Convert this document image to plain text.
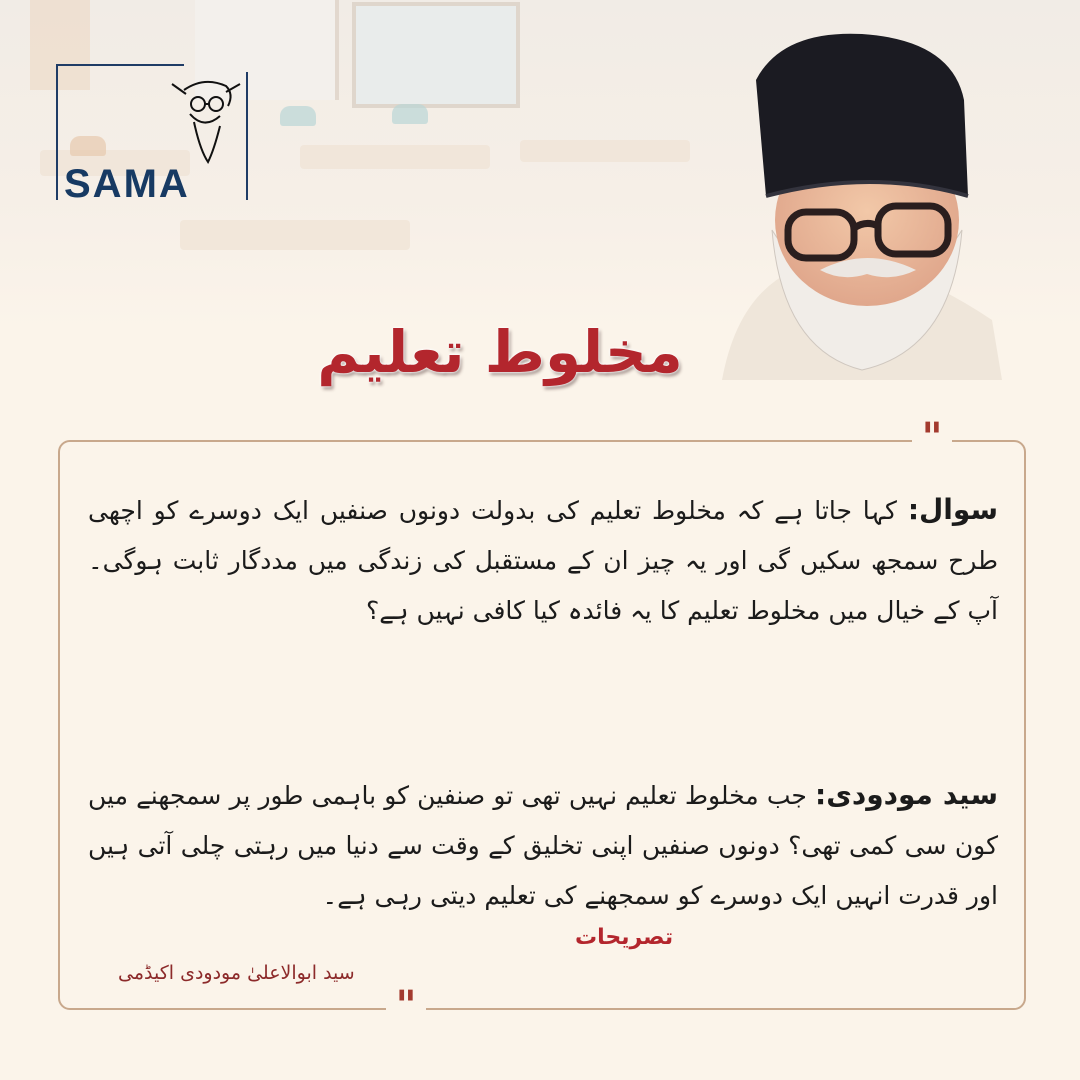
SAMA
مخلوط تعلیم
"
"
سوال: کہا جاتا ہے کہ مخلوط تعلیم کی بدولت دونوں صنفیں ایک دوسرے کو اچھی طرح سمجھ سکیں گی اور یہ چیز ان کے مستقبل کی زندگی میں مددگار ثابت ہوگی۔ آپ کے خیال میں مخلوط تعلیم کا یہ فائدہ کیا کافی نہیں ہے؟
سید مودودی: جب مخلوط تعلیم نہیں تھی تو صنفین کو باہمی طور پر سمجھنے میں کون سی کمی تھی؟ دونوں صنفیں اپنی تخلیق کے وقت سے دنیا میں رہتی چلی آتی ہیں اور قدرت انہیں ایک دوسرے کو سمجھنے کی تعلیم دیتی رہی ہے۔
تصریحات
سید ابوالاعلیٰ مودودی اکیڈمی
